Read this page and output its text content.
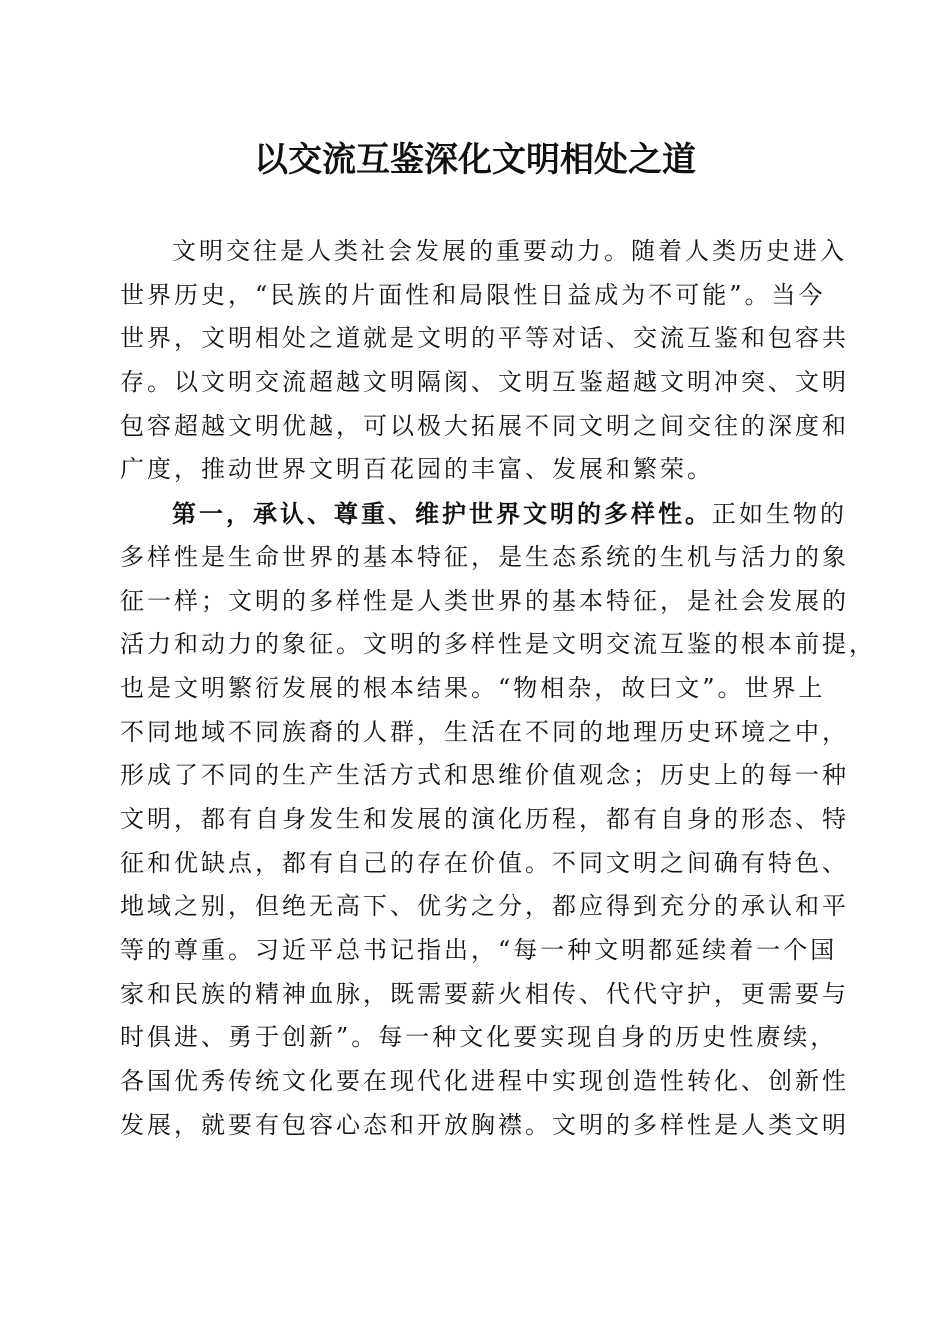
以交流互鉴深化文明相处之道
文明交往是人类社会发展的重要动力。随着人类历史进入
世界历史，“民族的片面性和局限性日益成为不可能”。当今
世界，文明相处之道就是文明的平等对话、交流互鉴和包容共
存。以文明交流超越文明隔阂、文明互鉴超越文明冲突、文明
包容超越文明优越，可以极大拓展不同文明之间交往的深度和
广度，推动世界文明百花园的丰富、发展和繁荣。
第一，承认、尊重、维护世界文明的多样性。正如生物的
多样性是生命世界的基本特征，是生态系统的生机与活力的象
征一样；文明的多样性是人类世界的基本特征，是社会发展的
活力和动力的象征。文明的多样性是文明交流互鉴的根本前提，
也是文明繁衍发展的根本结果。“物相杂，故曰文”。世界上
不同地域不同族裔的人群，生活在不同的地理历史环境之中，
形成了不同的生产生活方式和思维价值观念；历史上的每一种
文明，都有自身发生和发展的演化历程，都有自身的形态、特
征和优缺点，都有自己的存在价值。不同文明之间确有特色、
地域之别，但绝无高下、优劣之分，都应得到充分的承认和平
等的尊重。习近平总书记指出，“每一种文明都延续着一个国
家和民族的精神血脉，既需要薪火相传、代代守护，更需要与
时俱进、勇于创新”。每一种文化要实现自身的历史性赓续，
各国优秀传统文化要在现代化进程中实现创造性转化、创新性
发展，就要有包容心态和开放胸襟。文明的多样性是人类文明
